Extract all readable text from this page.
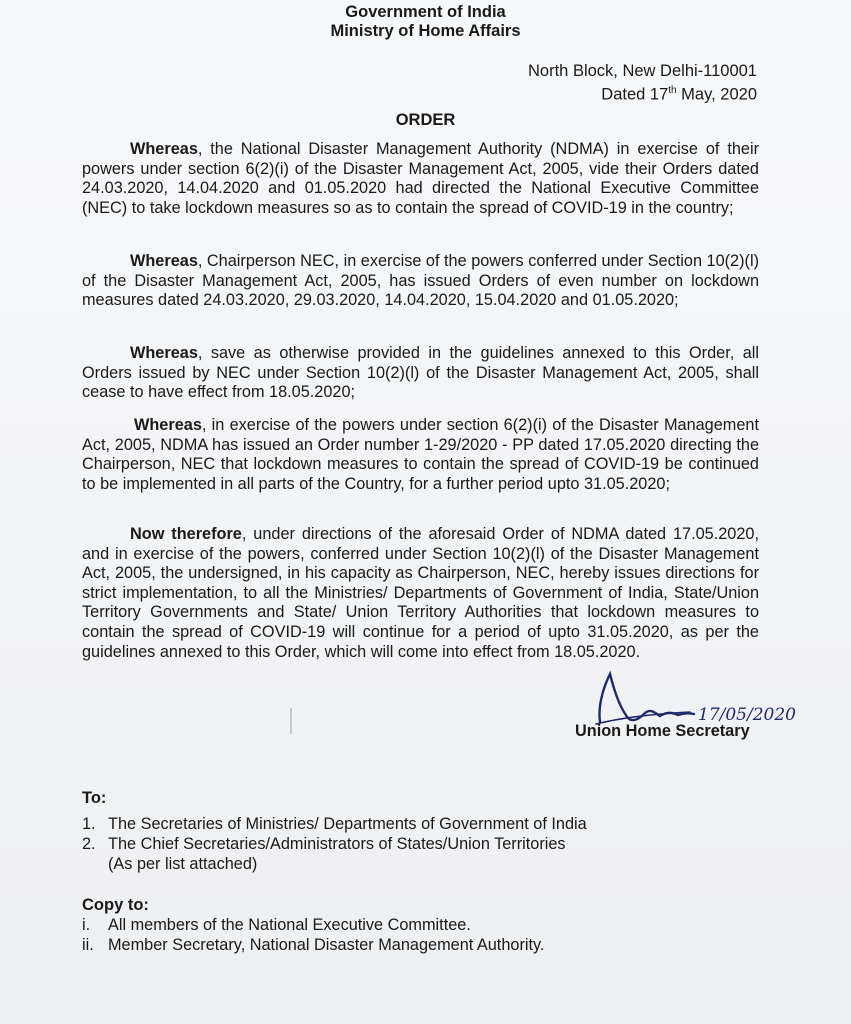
Government of India
Ministry of Home Affairs
North Block, New Delhi-110001
Dated 17th May, 2020
ORDER
Whereas, the National Disaster Management Authority (NDMA) in exercise of their powers under section 6(2)(i) of the Disaster Management Act, 2005, vide their Orders dated 24.03.2020, 14.04.2020 and 01.05.2020 had directed the National Executive Committee (NEC) to take lockdown measures so as to contain the spread of COVID-19 in the country;
Whereas, Chairperson NEC, in exercise of the powers conferred under Section 10(2)(l) of the Disaster Management Act, 2005, has issued Orders of even number on lockdown measures dated 24.03.2020, 29.03.2020, 14.04.2020, 15.04.2020 and 01.05.2020;
Whereas, save as otherwise provided in the guidelines annexed to this Order, all Orders issued by NEC under Section 10(2)(l) of the Disaster Management Act, 2005, shall cease to have effect from 18.05.2020;
Whereas, in exercise of the powers under section 6(2)(i) of the Disaster Management Act, 2005, NDMA has issued an Order number 1-29/2020 - PP dated 17.05.2020 directing the Chairperson, NEC that lockdown measures to contain the spread of COVID-19 be continued to be implemented in all parts of the Country, for a further period upto 31.05.2020;
Now therefore, under directions of the aforesaid Order of NDMA dated 17.05.2020, and in exercise of the powers, conferred under Section 10(2)(l) of the Disaster Management Act, 2005, the undersigned, in his capacity as Chairperson, NEC, hereby issues directions for strict implementation, to all the Ministries/ Departments of Government of India, State/Union Territory Governments and State/ Union Territory Authorities that lockdown measures to contain the spread of COVID-19 will continue for a period of upto 31.05.2020, as per the guidelines annexed to this Order, which will come into effect from 18.05.2020.
17/05/2020
Union Home Secretary
To:
1. The Secretaries of Ministries/ Departments of Government of India
2. The Chief Secretaries/Administrators of States/Union Territories
(As per list attached)
Copy to:
i. All members of the National Executive Committee.
ii. Member Secretary, National Disaster Management Authority.
